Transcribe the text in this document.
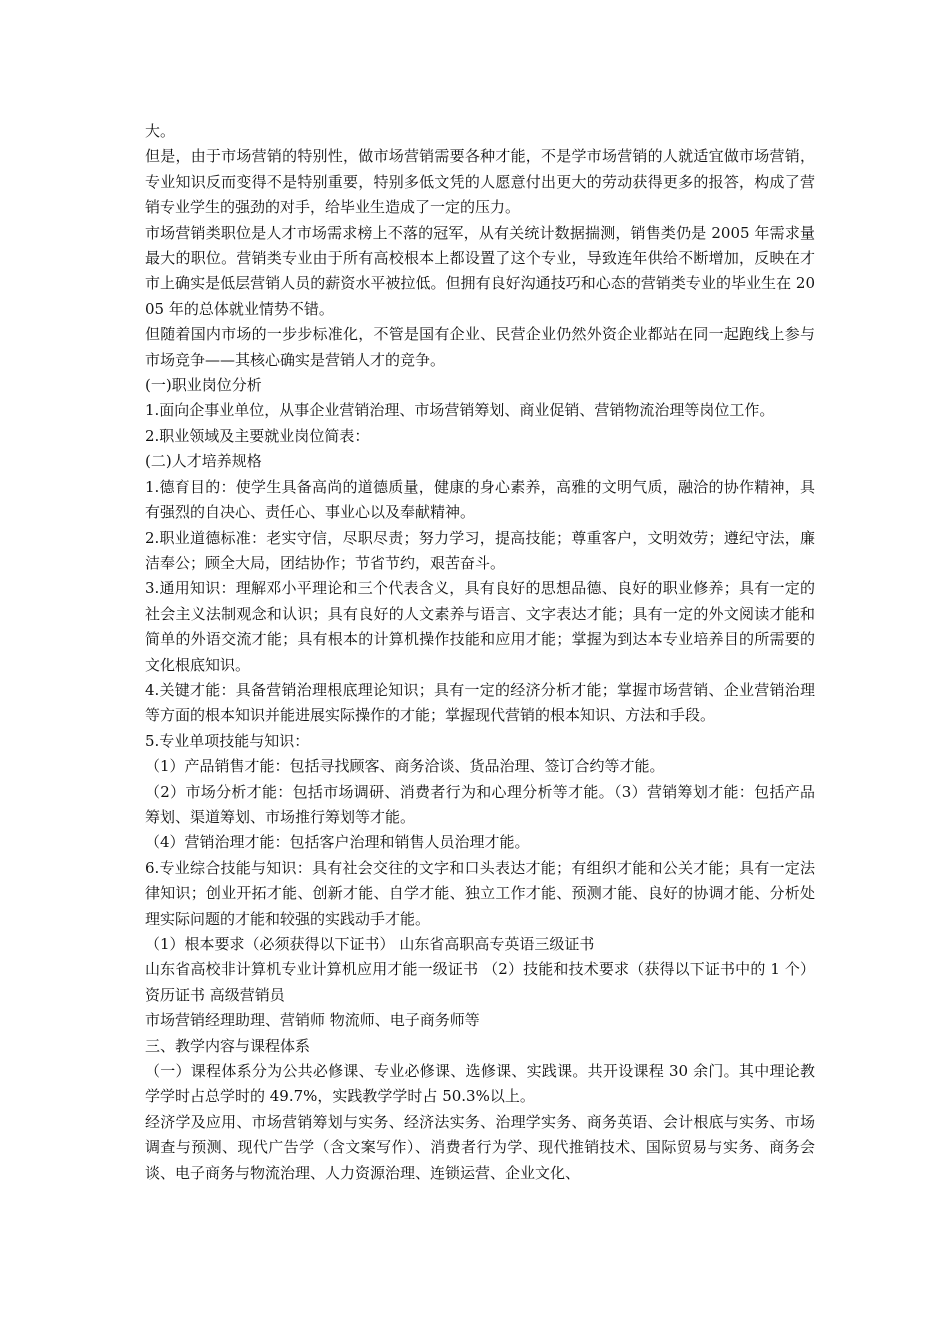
大。

但是，由于市场营销的特别性，做市场营销需要各种才能，不是学市场营销的人就适宜做市场营销，专业知识反而变得不是特别重要，特别多低文凭的人愿意付出更大的劳动获得更多的报答，构成了营销专业学生的强劲的对手，给毕业生造成了一定的压力。

市场营销类职位是人才市场需求榜上不落的冠军，从有关统计数据揣测，销售类仍是 2005 年需求量最大的职位。营销类专业由于所有高校根本上都设置了这个专业，导致连年供给不断增加，反映在才市上确实是低层营销人员的薪资水平被拉低。但拥有良好沟通技巧和心态的营销类专业的毕业生在 2005 年的总体就业情势不错。

但随着国内市场的一步步标准化，不管是国有企业、民营企业仍然外资企业都站在同一起跑线上参与市场竞争——其核心确实是营销人才的竞争。

(一)职业岗位分析

1.面向企事业单位，从事企业营销治理、市场营销筹划、商业促销、营销物流治理等岗位工作。

2.职业领域及主要就业岗位简表：

(二)人才培养规格

1.德育目的：使学生具备高尚的道德质量，健康的身心素养，高雅的文明气质，融洽的协作精神，具有强烈的自决心、责任心、事业心以及奉献精神。

2.职业道德标准：老实守信，尽职尽责；努力学习，提高技能；尊重客户，文明效劳；遵纪守法，廉洁奉公；顾全大局，团结协作；节省节约，艰苦奋斗。

3.通用知识：理解邓小平理论和三个代表含义，具有良好的思想品德、良好的职业修养；具有一定的社会主义法制观念和认识；具有良好的人文素养与语言、文字表达才能；具有一定的外文阅读才能和简单的外语交流才能；具有根本的计算机操作技能和应用才能；掌握为到达本专业培养目的所需要的文化根底知识。

4.关键才能：具备营销治理根底理论知识；具有一定的经济分析才能；掌握市场营销、企业营销治理等方面的根本知识并能进展实际操作的才能；掌握现代营销的根本知识、方法和手段。

5.专业单项技能与知识：

（1）产品销售才能：包括寻找顾客、商务洽谈、货品治理、签订合约等才能。

（2）市场分析才能：包括市场调研、消费者行为和心理分析等才能。（3）营销筹划才能：包括产品筹划、渠道筹划、市场推行筹划等才能。

（4）营销治理才能：包括客户治理和销售人员治理才能。

6.专业综合技能与知识：具有社会交往的文字和口头表达才能；有组织才能和公关才能；具有一定法律知识；创业开拓才能、创新才能、自学才能、独立工作才能、预测才能、良好的协调才能、分析处理实际问题的才能和较强的实践动手才能。

（1）根本要求（必须获得以下证书） 山东省高职高专英语三级证书

山东省高校非计算机专业计算机应用才能一级证书 （2）技能和技术要求（获得以下证书中的 1 个） 资历证书 高级营销员

市场营销经理助理、营销师 物流师、电子商务师等

三、教学内容与课程体系

（一）课程体系分为公共必修课、专业必修课、选修课、实践课。共开设课程 30 余门。其中理论教学学时占总学时的 49.7%，实践教学学时占 50.3%以上。

经济学及应用、市场营销筹划与实务、经济法实务、治理学实务、商务英语、会计根底与实务、市场调查与预测、现代广告学（含文案写作）、消费者行为学、现代推销技术、国际贸易与实务、商务会谈、电子商务与物流治理、人力资源治理、连锁运营、企业文化、
